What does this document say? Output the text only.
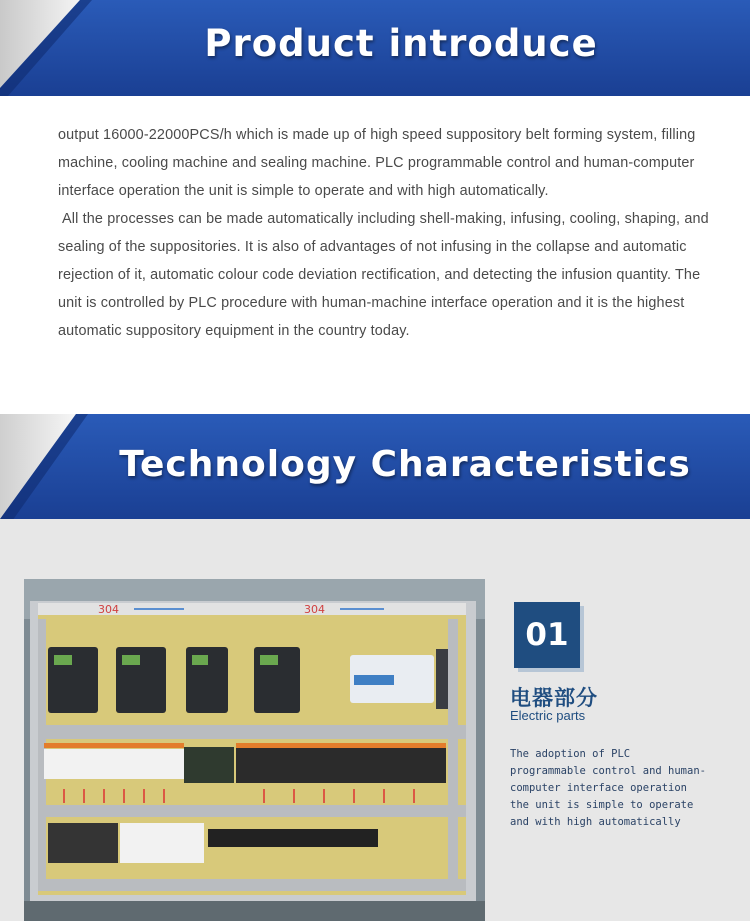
Product introduce

output 16000-22000PCS/h which is made up of high speed suppository belt forming system, filling machine, cooling machine and sealing machine. PLC programmable control and human-computer interface operation the unit is simple to operate and with high automatically.

All the processes can be made automatically including shell-making, infusing, cooling, shaping, and sealing of the suppositories. It is also of advantages of not infusing in the collapse and automatic rejection of it, automatic colour code deviation rectification, and detecting the infusion quantity. The unit is controlled by PLC procedure with human-machine interface operation and it is the highest automatic suppository equipment in the country today.

Technology Characteristics
304	304
01
电器部分
Electric parts
The adoption of PLC programmable control and human-computer interface operation the unit is simple to operate and with high automatically
